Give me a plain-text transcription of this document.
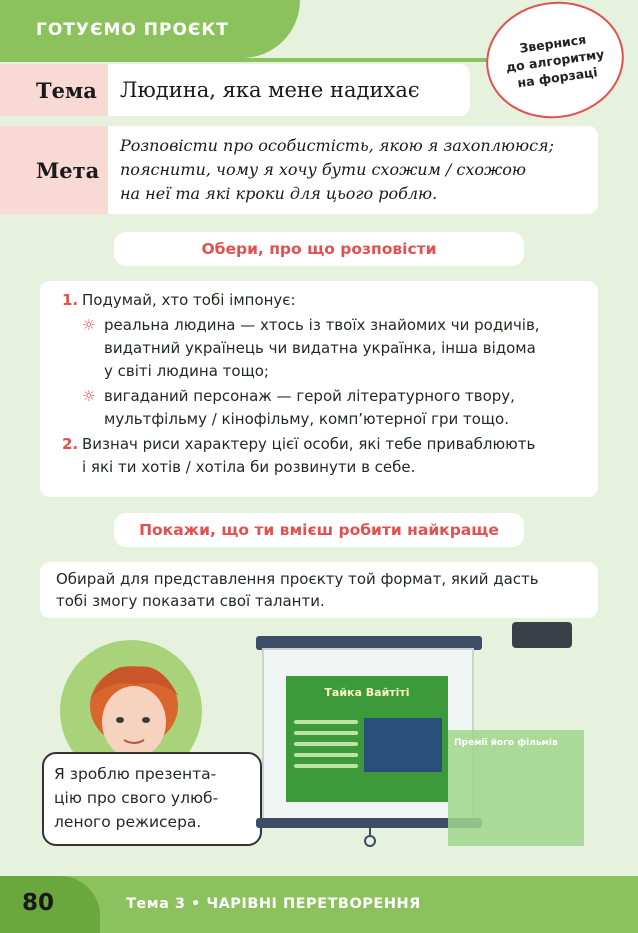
ГОТУЄМО ПРОЄКТ
Звернися
до алгоритму
на форзаці
Тема	Людина, яка мене надихає
Мета
Розповісти про особистість, якою я захоплююся;
пояснити, чому я хочу бути схожим / схожою
на неї та які кроки для цього роблю.
Обери, про що розповісти
1. Подумай, хто тобі імпонує:
☼ реальна людина — хтось із твоїх знайомих чи родичів,
видатний українець чи видатна українка, інша відома
у світі людина тощо;
☼ вигаданий персонаж — герой літературного твору,
мультфільму / кінофільму, комп’ютерної гри тощо.
2. Визнач риси характеру цієї особи, які тебе приваблюють
і які ти хотів / хотіла би розвинути в себе.
Покажи, що ти вмієш робити найкраще
Обирай для представлення проєкту той формат, який дасть
тобі змогу показати свої таланти.
Я зроблю презента-
цію про свого улюб-
леного режисера.
Тайка Вайтіті
Премії його фільмів
80	Тема 3 • ЧАРІВНІ ПЕРЕТВОРЕННЯ
